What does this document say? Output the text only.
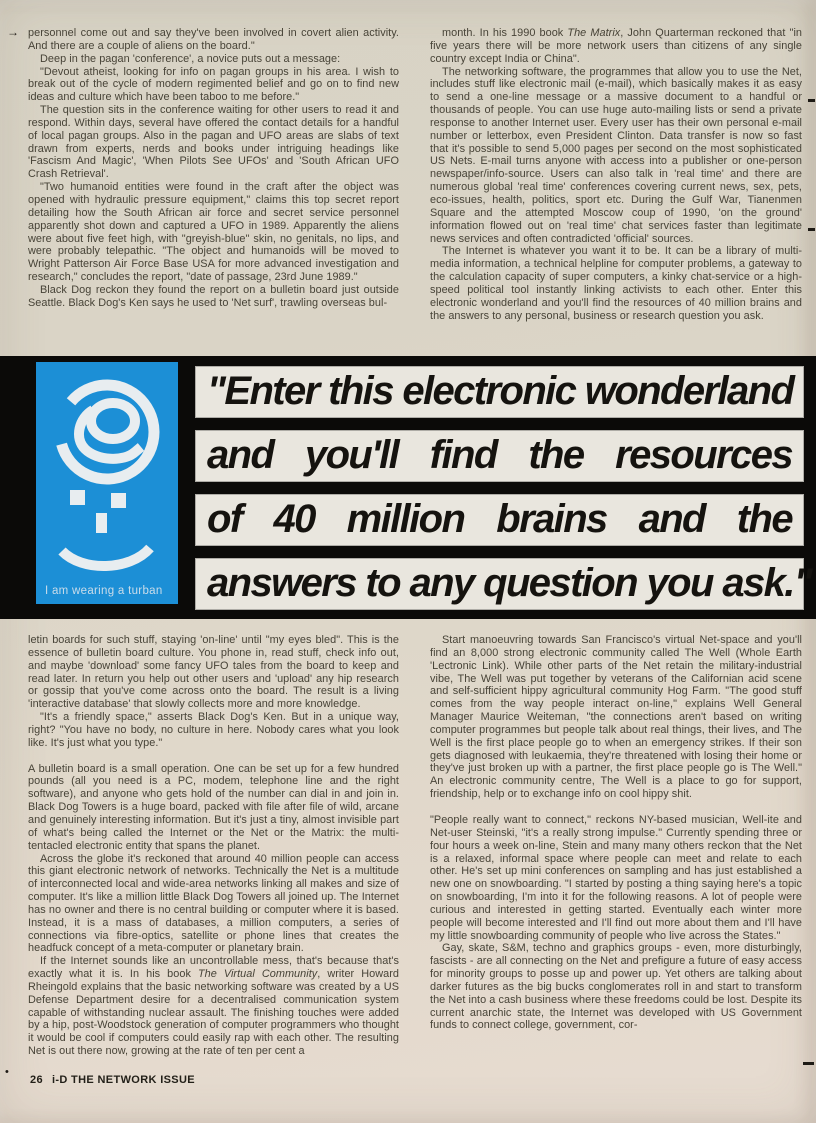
→ personnel come out and say they've been involved in covert alien activity. And there are a couple of aliens on the board."

Deep in the pagan 'conference', a novice puts out a message:

"Devout atheist, looking for info on pagan groups in his area. I wish to break out of the cycle of modern regimented belief and go on to find new ideas and culture which have been taboo to me before."

The question sits in the conference waiting for other users to read it and respond. Within days, several have offered the contact details for a handful of local pagan groups. Also in the pagan and UFO areas are slabs of text drawn from experts, nerds and books under intriguing headings like 'Fascism And Magic', 'When Pilots See UFOs' and 'South African UFO Crash Retrieval'.

"Two humanoid entities were found in the craft after the object was opened with hydraulic pressure equipment," claims this top secret report detailing how the South African air force and secret service personnel apparently shot down and captured a UFO in 1989. Apparently the aliens were about five feet high, with "greyish-blue" skin, no genitals, no lips, and were probably telepathic. "The object and humanoids will be moved to Wright Patterson Air Force Base USA for more advanced investigation and research," concludes the report, "date of passage, 23rd June 1989."

Black Dog reckon they found the report on a bulletin board just outside Seattle. Black Dog's Ken says he used to 'Net surf', trawling overseas bul-

month. In his 1990 book The Matrix, John Quarterman reckoned that "in five years there will be more network users than citizens of any single country except India or China".

The networking software, the programmes that allow you to use the Net, includes stuff like electronic mail (e-mail), which basically makes it as easy to send a one-line message or a massive document to a handful or thousands of people. You can use huge auto-mailing lists or send a private response to another Internet user. Every user has their own personal e-mail number or letterbox, even President Clinton. Data transfer is now so fast that it's possible to send 5,000 pages per second on the most sophisticated US Nets. E-mail turns anyone with access into a publisher or one-person newspaper/info-source. Users can also talk in 'real time' and there are numerous global 'real time' conferences covering current news, sex, pets, eco-issues, health, politics, sport etc. During the Gulf War, Tianenmen Square and the attempted Moscow coup of 1990, 'on the ground' information flowed out on 'real time' chat services faster than legitimate news services and often contradicted 'official' sources.

The Internet is whatever you want it to be. It can be a library of multi-media information, a technical helpline for computer problems, a gateway to the calculation capacity of super computers, a kinky chat-service or a high-speed political tool instantly linking activists to each other. Enter this electronic wonderland and you'll find the resources of 40 million brains and the answers to any personal, business or research question you ask.

I am wearing a turban
"Enter this electronic wonderland
and you'll find the resources
of 40 million brains and the
answers to any question you ask."

letin boards for such stuff, staying 'on-line' until "my eyes bled". This is the essence of bulletin board culture. You phone in, read stuff, check info out, and maybe 'download' some fancy UFO tales from the board to keep and read later. In return you help out other users and 'upload' any hip research or gossip that you've come across onto the board. The result is a living 'interactive database' that slowly collects more and more knowledge.

"It's a friendly space," asserts Black Dog's Ken. But in a unique way, right? "You have no body, no culture in here. Nobody cares what you look like. It's just what you type."

A bulletin board is a small operation. One can be set up for a few hundred pounds (all you need is a PC, modem, telephone line and the right software), and anyone who gets hold of the number can dial in and join in. Black Dog Towers is a huge board, packed with file after file of wild, arcane and genuinely interesting information. But it's just a tiny, almost invisible part of what's being called the Internet or the Net or the Matrix: the multi-tentacled electronic entity that spans the planet.

Across the globe it's reckoned that around 40 million people can access this giant electronic network of networks. Technically the Net is a multitude of interconnected local and wide-area networks linking all makes and size of computer. It's like a million little Black Dog Towers all joined up. The Internet has no owner and there is no central building or computer where it is based. Instead, it is a mass of databases, a million computers, a series of connections via fibre-optics, satellite or phone lines that creates the headfuck concept of a meta-computer or planetary brain.

If the Internet sounds like an uncontrollable mess, that's because that's exactly what it is. In his book The Virtual Community, writer Howard Rheingold explains that the basic networking software was created by a US Defense Department desire for a decentralised communication system capable of withstanding nuclear assault. The finishing touches were added by a hip, post-Woodstock generation of computer programmers who thought it would be cool if computers could easily rap with each other. The resulting Net is out there now, growing at the rate of ten per cent a

Start manoeuvring towards San Francisco's virtual Net-space and you'll find an 8,000 strong electronic community called The Well (Whole Earth 'Lectronic Link). While other parts of the Net retain the military-industrial vibe, The Well was put together by veterans of the Californian acid scene and self-sufficient hippy agricultural community Hog Farm. "The good stuff comes from the way people interact on-line," explains Well General Manager Maurice Weiteman, "the connections aren't based on writing computer programmes but people talk about real things, their lives, and The Well is the first place people go to when an emergency strikes. If their son gets diagnosed with leukaemia, they're threatened with losing their home or they've just broken up with a partner, the first place people go is The Well." An electronic community centre, The Well is a place to go for support, friendship, help or to exchange info on cool hippy shit.

"People really want to connect," reckons NY-based musician, Well-ite and Net-user Steinski, "it's a really strong impulse." Currently spending three or four hours a week on-line, Stein and many many others reckon that the Net is a relaxed, informal space where people can meet and relate to each other. He's set up mini conferences on sampling and has just established a new one on snowboarding. "I started by posting a thing saying here's a topic on snowboarding, I'm into it for the following reasons. A lot of people were curious and interested in getting started. Eventually each winter more people will become interested and I'll find out more about them and I'll have my little snowboarding community of people who live across the States."

Gay, skate, S&M, techno and graphics groups - even, more disturbingly, fascists - are all connecting on the Net and prefigure a future of easy access for minority groups to posse up and power up. Yet others are talking about darker futures as the big bucks conglomerates roll in and start to transform the Net into a cash business where these freedoms could be lost. Despite its current anarchic state, the Internet was developed with US Government funds to connect college, government, cor-

•
26 i-D THE NETWORK ISSUE
